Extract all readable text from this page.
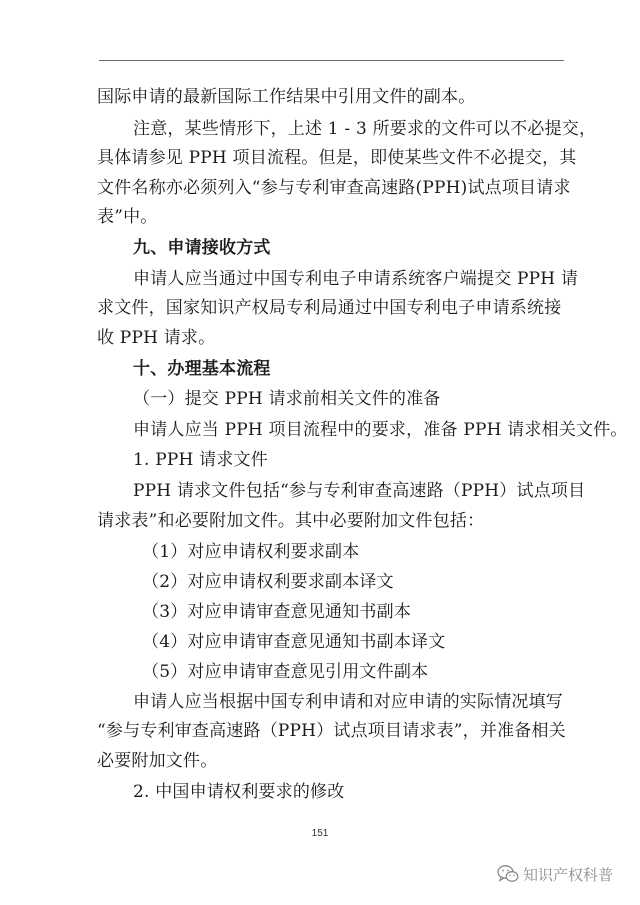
国际申请的最新国际工作结果中引用文件的副本。
注意，某些情形下，上述 1 - 3 所要求的文件可以不必提交，
具体请参见 PPH 项目流程。但是，即使某些文件不必提交，其
文件名称亦必须列入“参与专利审查高速路(PPH)试点项目请求
表”中。
九、申请接收方式
申请人应当通过中国专利电子申请系统客户端提交 PPH 请
求文件，国家知识产权局专利局通过中国专利电子申请系统接
收 PPH 请求。
十、办理基本流程
（一）提交 PPH 请求前相关文件的准备
申请人应当 PPH 项目流程中的要求，准备 PPH 请求相关文件。
1. PPH 请求文件
PPH 请求文件包括“参与专利审查高速路（PPH）试点项目
请求表”和必要附加文件。其中必要附加文件包括：
（1）对应申请权利要求副本
（2）对应申请权利要求副本译文
（3）对应申请审查意见通知书副本
（4）对应申请审查意见通知书副本译文
（5）对应申请审查意见引用文件副本
申请人应当根据中国专利申请和对应申请的实际情况填写
“参与专利审查高速路（PPH）试点项目请求表”，并准备相关
必要附加文件。
2. 中国申请权利要求的修改
151
知识产权科普
